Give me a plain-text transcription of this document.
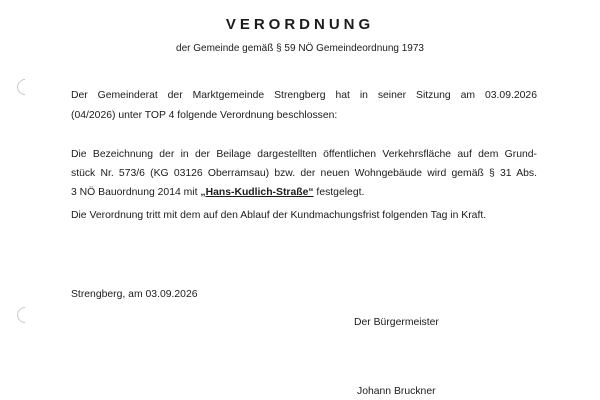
VERORDNUNG
der Gemeinde gemäß § 59 NÖ Gemeindeordnung 1973
Der Gemeinderat der Marktgemeinde Strengberg hat in seiner Sitzung am 03.09.2026
(04/2026) unter TOP 4 folgende Verordnung beschlossen:
Die Bezeichnung der in der Beilage dargestellten öffentlichen Verkehrsfläche auf dem Grund-
stück Nr. 573/6 (KG 03126 Oberramsau) bzw. der neuen Wohngebäude wird gemäß § 31 Abs.
3 NÖ Bauordnung 2014 mit „Hans-Kudlich-Straße“ festgelegt.
Die Verordnung tritt mit dem auf den Ablauf der Kundmachungsfrist folgenden Tag in Kraft.
Strengberg, am 03.09.2026
Der Bürgermeister
Johann Bruckner
